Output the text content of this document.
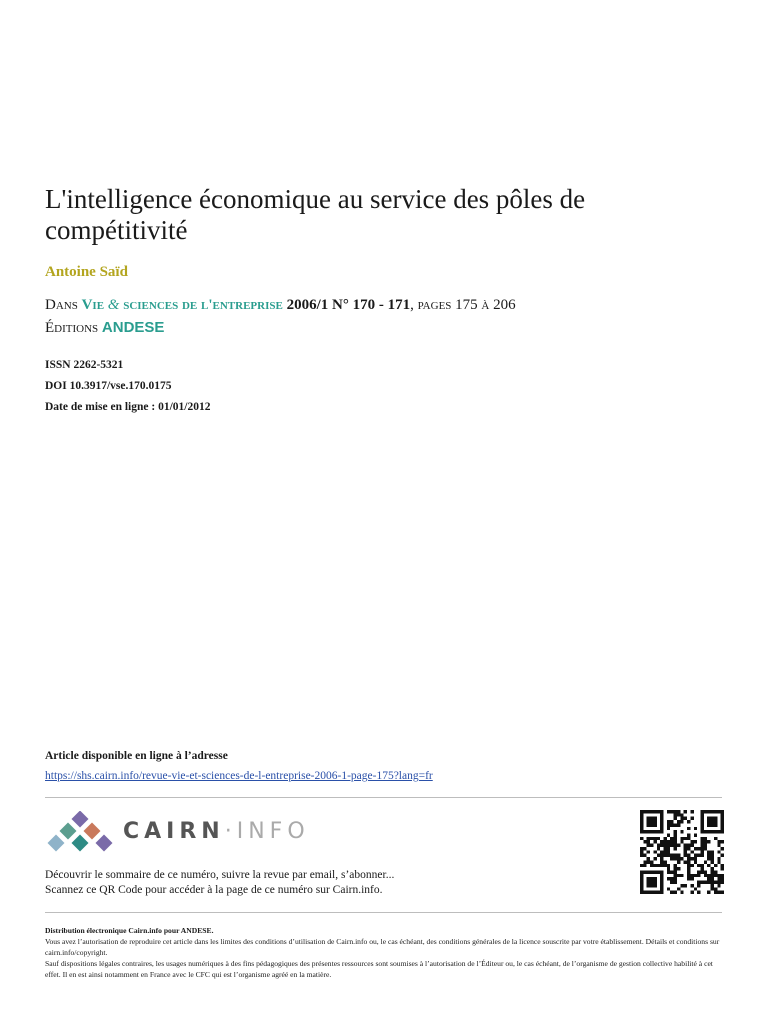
L'intelligence économique au service des pôles de compétitivité
Antoine Saïd
Dans Vie & sciences de l'entreprise 2006/1 N° 170 - 171, pages 175 à 206
Éditions ANDESE
ISSN 2262-5321
DOI 10.3917/vse.170.0175
Date de mise en ligne : 01/01/2012
Article disponible en ligne à l’adresse
https://shs.cairn.info/revue-vie-et-sciences-de-l-entreprise-2006-1-page-175?lang=fr
CAIRN·INFO
Découvrir le sommaire de ce numéro, suivre la revue par email, s’abonner...
Scannez ce QR Code pour accéder à la page de ce numéro sur Cairn.info.

Distribution électronique Cairn.info pour ANDESE.

Vous avez l’autorisation de reproduire cet article dans les limites des conditions d’utilisation de Cairn.info ou, le cas échéant, des conditions générales de la licence souscrite par votre établissement. Détails et conditions sur cairn.info/copyright.

Sauf dispositions légales contraires, les usages numériques à des fins pédagogiques des présentes ressources sont soumises à l’autorisation de l’Éditeur ou, le cas échéant, de l’organisme de gestion collective habilité à cet effet. Il en est ainsi notamment en France avec le CFC qui est l’organisme agréé en la matière.
